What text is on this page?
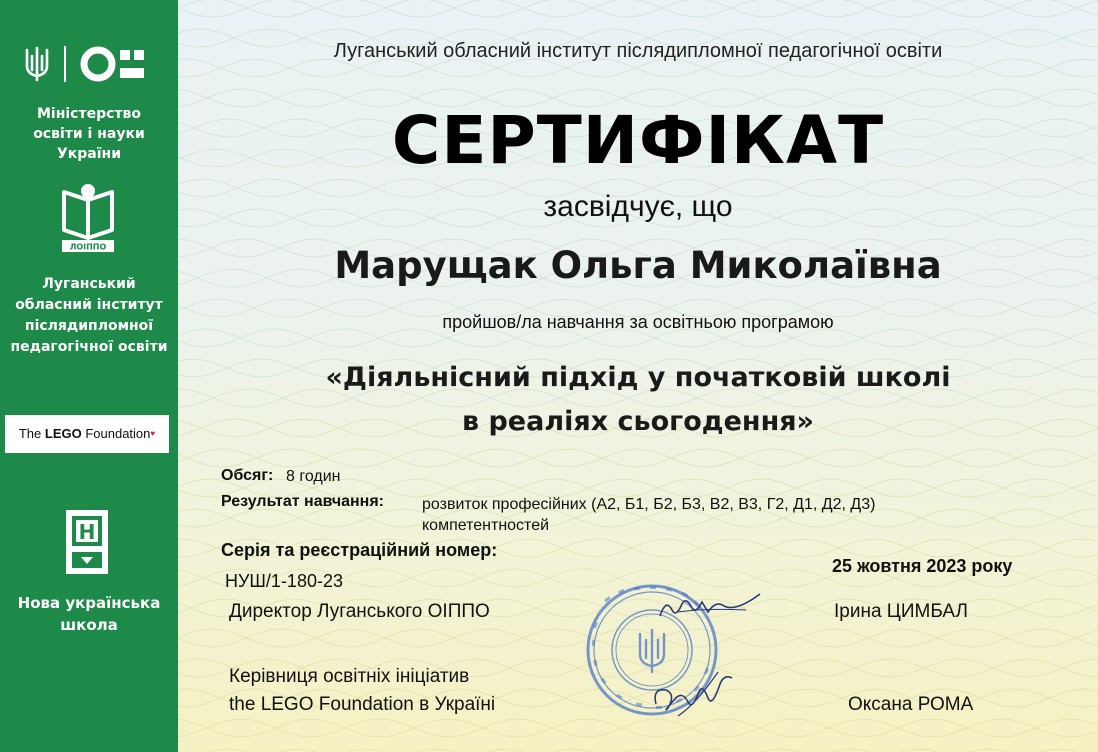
Міністерство
освіти і науки України
ЛОІППО
Луганський
обласний інститут
післядипломної
педагогічної освіти
The LEGO Foundation♥
Н
Нова українська
школа
Луганський обласний інститут післядипломної педагогічної освіти
СЕРТИФІКАТ
засвідчує, що
Марущак Ольга Миколаївна
пройшов/ла навчання за освітньою програмою
«Діяльнісний підхід у початковій школі
в реаліях сьогодення»
Обсяг: 8 годин
Результат навчання: розвиток професійних (А2, Б1, Б2, Б3, В2, В3, Г2, Д1, Д2, Д3) компетентностей
Серія та реєстраційний номер:
НУШ/1-180-23
25 жовтня 2023 року
Директор Луганського ОІППО	Ірина ЦИМБАЛ
Керівниця освітніх ініціатив
the LEGO Foundation в Україні	Оксана РОМА
